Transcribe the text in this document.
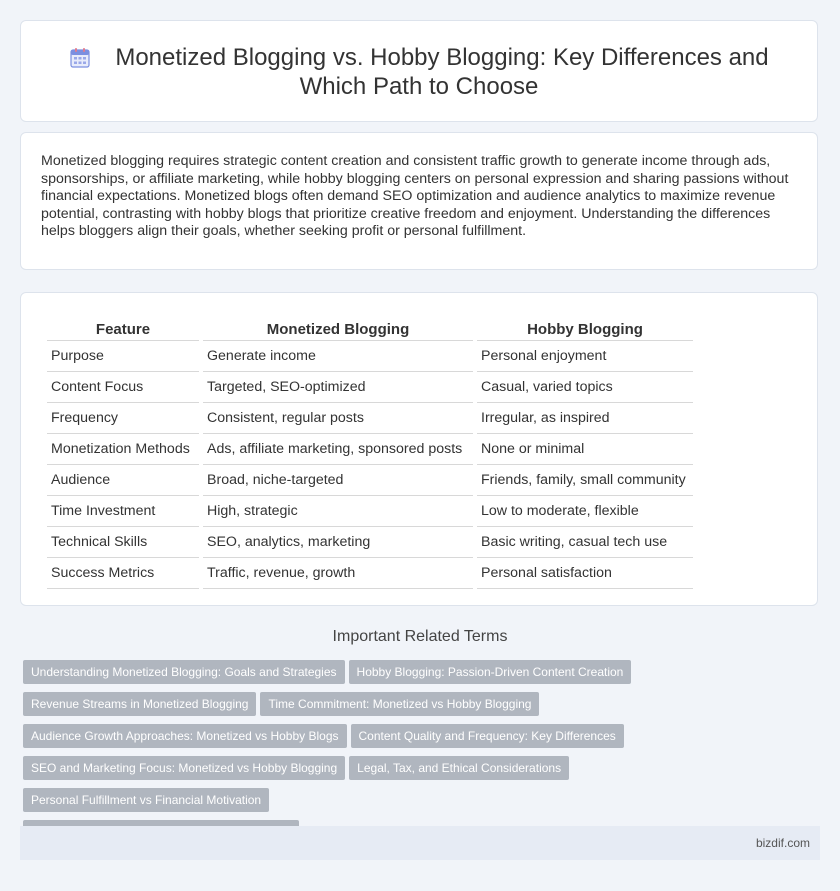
Monetized Blogging vs. Hobby Blogging: Key Differences and
Which Path to Choose

Monetized blogging requires strategic content creation and consistent traffic growth to generate income through ads, sponsorships, or affiliate marketing, while hobby blogging centers on personal expression and sharing passions without financial expectations. Monetized blogs often demand SEO optimization and audience analytics to maximize revenue potential, contrasting with hobby blogs that prioritize creative freedom and enjoyment. Understanding the differences helps bloggers align their goals, whether seeking profit or personal fulfillment.

Feature	Monetized Blogging	Hobby Blogging
Purpose	Generate income	Personal enjoyment
Content Focus	Targeted, SEO-optimized	Casual, varied topics
Frequency	Consistent, regular posts	Irregular, as inspired
Monetization Methods	Ads, affiliate marketing, sponsored posts	None or minimal
Audience	Broad, niche-targeted	Friends, family, small community
Time Investment	High, strategic	Low to moderate, flexible
Technical Skills	SEO, analytics, marketing	Basic writing, casual tech use
Success Metrics	Traffic, revenue, growth	Personal satisfaction
Important Related Terms
Understanding Monetized Blogging: Goals and Strategies Hobby Blogging: Passion-Driven Content Creation
Revenue Streams in Monetized Blogging Time Commitment: Monetized vs Hobby Blogging
Audience Growth Approaches: Monetized vs Hobby Blogs Content Quality and Frequency: Key Differences
SEO and Marketing Focus: Monetized vs Hobby Blogging Legal, Tax, and Ethical ConsiderationsPersonal Fulfillment vs Financial Motivation

bizdif.com
